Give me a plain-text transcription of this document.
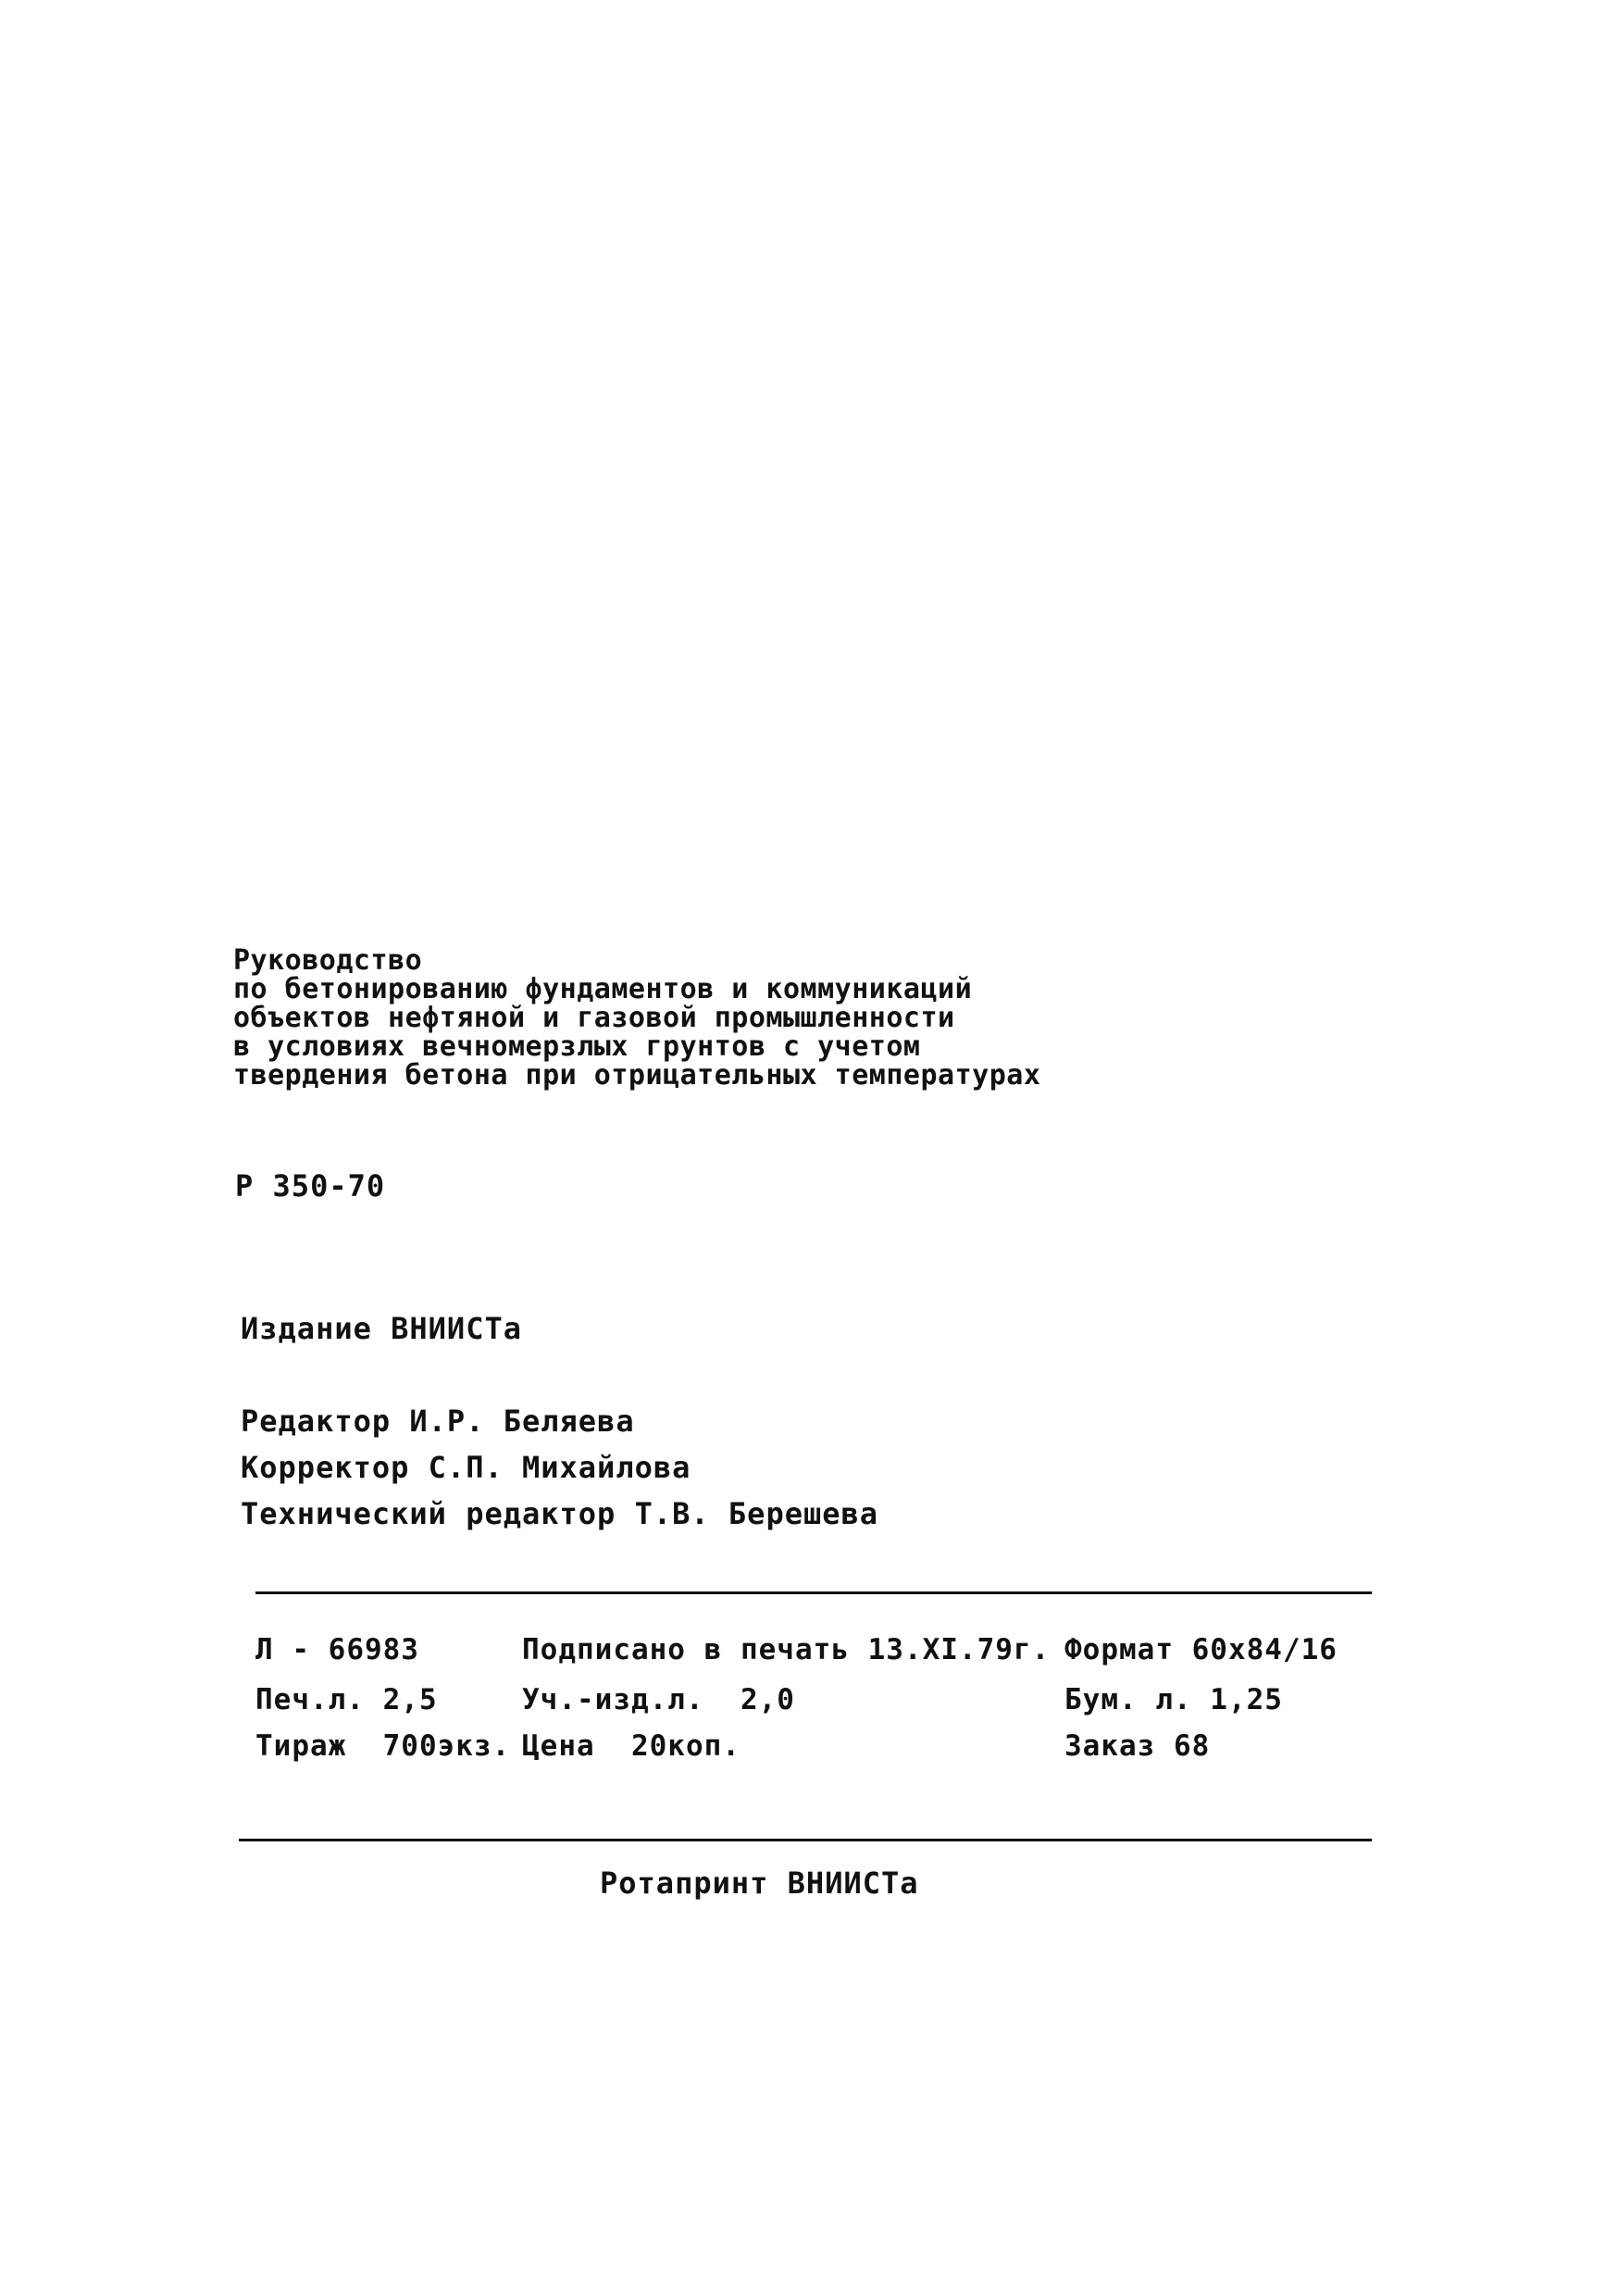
Руководство
по бетонированию фундаментов и коммуникаций
объектов нефтяной и газовой промышленности
в условиях вечномерзлых грунтов с учетом
твердения бетона при отрицательных температурах
Р 350-70
Издание ВНИИСТа
Редактор И.Р. Беляева
Корректор С.П. Михайлова
Технический редактор Т.В. Берешева
Л - 66983	Подписано в печать 13.XI.79г. Формат 60х84/16
Печ.л. 2,5	Уч.-изд.л.  2,0	Бум. л. 1,25
Тираж  700экз. Цена  20коп.	Заказ 68
Ротапринт ВНИИСТа
